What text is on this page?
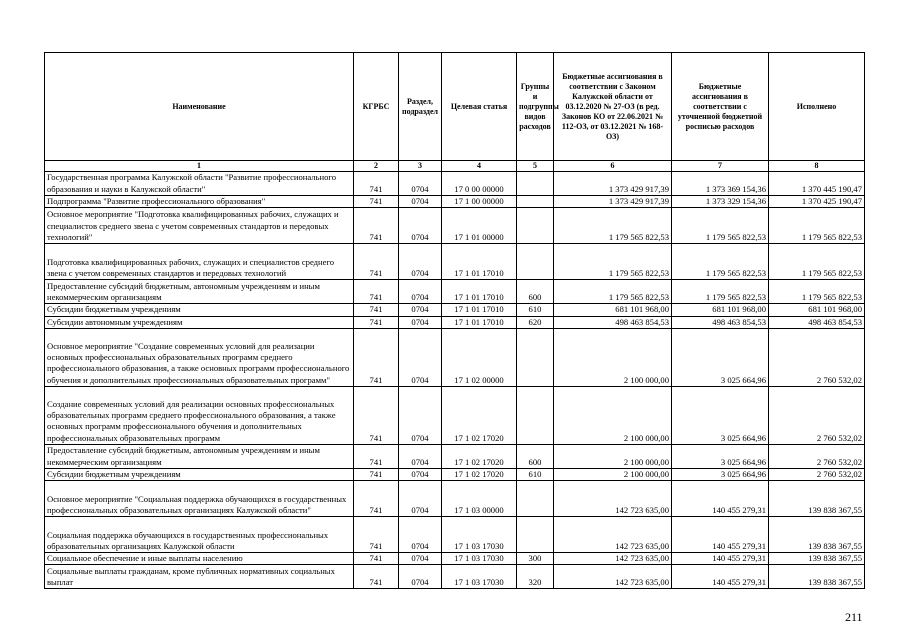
Наименование	КГРБС	Раздел, подраздел	Целевая статья	Группы и подгруппы видов расходов	Бюджетные ассигнования в соответствии с Законом Калужской области от 03.12.2020 № 27-ОЗ (в ред. Законов КО от 22.06.2021 № 112-ОЗ, от 03.12.2021 № 168-ОЗ)	Бюджетные ассигнования в соответствии с уточненной бюджетной росписью расходов	Исполнено
1	2	3	4	5	6	7	8
Государственная программа Калужской области "Развитие профессионального образования и науки в Калужской области"	741	0704	17 0 00 00000		1 373 429 917,39	1 373 369 154,36	1 370 445 190,47
Подпрограмма "Развитие профессионального образования"	741	0704	17 1 00 00000		1 373 429 917,39	1 373 329 154,36	1 370 425 190,47
Основное мероприятие "Подготовка квалифицированных рабочих, служащих и специалистов среднего звена с учетом современных стандартов и передовых технологий"	741	0704	17 1 01 00000		1 179 565 822,53	1 179 565 822,53	1 179 565 822,53
Подготовка квалифицированных рабочих, служащих и специалистов среднего звена с учетом современных стандартов и передовых технологий	741	0704	17 1 01 17010		1 179 565 822,53	1 179 565 822,53	1 179 565 822,53
Предоставление субсидий бюджетным, автономным учреждениям и иным некоммерческим организациям	741	0704	17 1 01 17010	600	1 179 565 822,53	1 179 565 822,53	1 179 565 822,53
Субсидии бюджетным учреждениям	741	0704	17 1 01 17010	610	681 101 968,00	681 101 968,00	681 101 968,00
Субсидии автономным учреждениям	741	0704	17 1 01 17010	620	498 463 854,53	498 463 854,53	498 463 854,53
Основное мероприятие "Создание современных условий для реализации основных профессиональных образовательных программ среднего профессионального образования, а также основных программ профессионального обучения и дополнительных профессиональных образовательных программ"	741	0704	17 1 02 00000		2 100 000,00	3 025 664,96	2 760 532,02
Создание современных условий для реализации основных профессиональных образовательных программ среднего профессионального образования, а также основных программ профессионального обучения и дополнительных профессиональных образовательных программ	741	0704	17 1 02 17020		2 100 000,00	3 025 664,96	2 760 532,02
Предоставление субсидий бюджетным, автономным учреждениям и иным некоммерческим организациям	741	0704	17 1 02 17020	600	2 100 000,00	3 025 664,96	2 760 532,02
Субсидии бюджетным учреждениям	741	0704	17 1 02 17020	610	2 100 000,00	3 025 664,96	2 760 532,02
Основное мероприятие "Социальная поддержка обучающихся в государственных профессиональных образовательных организациях Калужской области"	741	0704	17 1 03 00000		142 723 635,00	140 455 279,31	139 838 367,55
Социальная поддержка обучающихся в государственных профессиональных образовательных организациях Калужской области	741	0704	17 1 03 17030		142 723 635,00	140 455 279,31	139 838 367,55
Социальное обеспечение и иные выплаты населению	741	0704	17 1 03 17030	300	142 723 635,00	140 455 279,31	139 838 367,55
Социальные выплаты гражданам, кроме публичных нормативных социальных выплат	741	0704	17 1 03 17030	320	142 723 635,00	140 455 279,31	139 838 367,55
211
